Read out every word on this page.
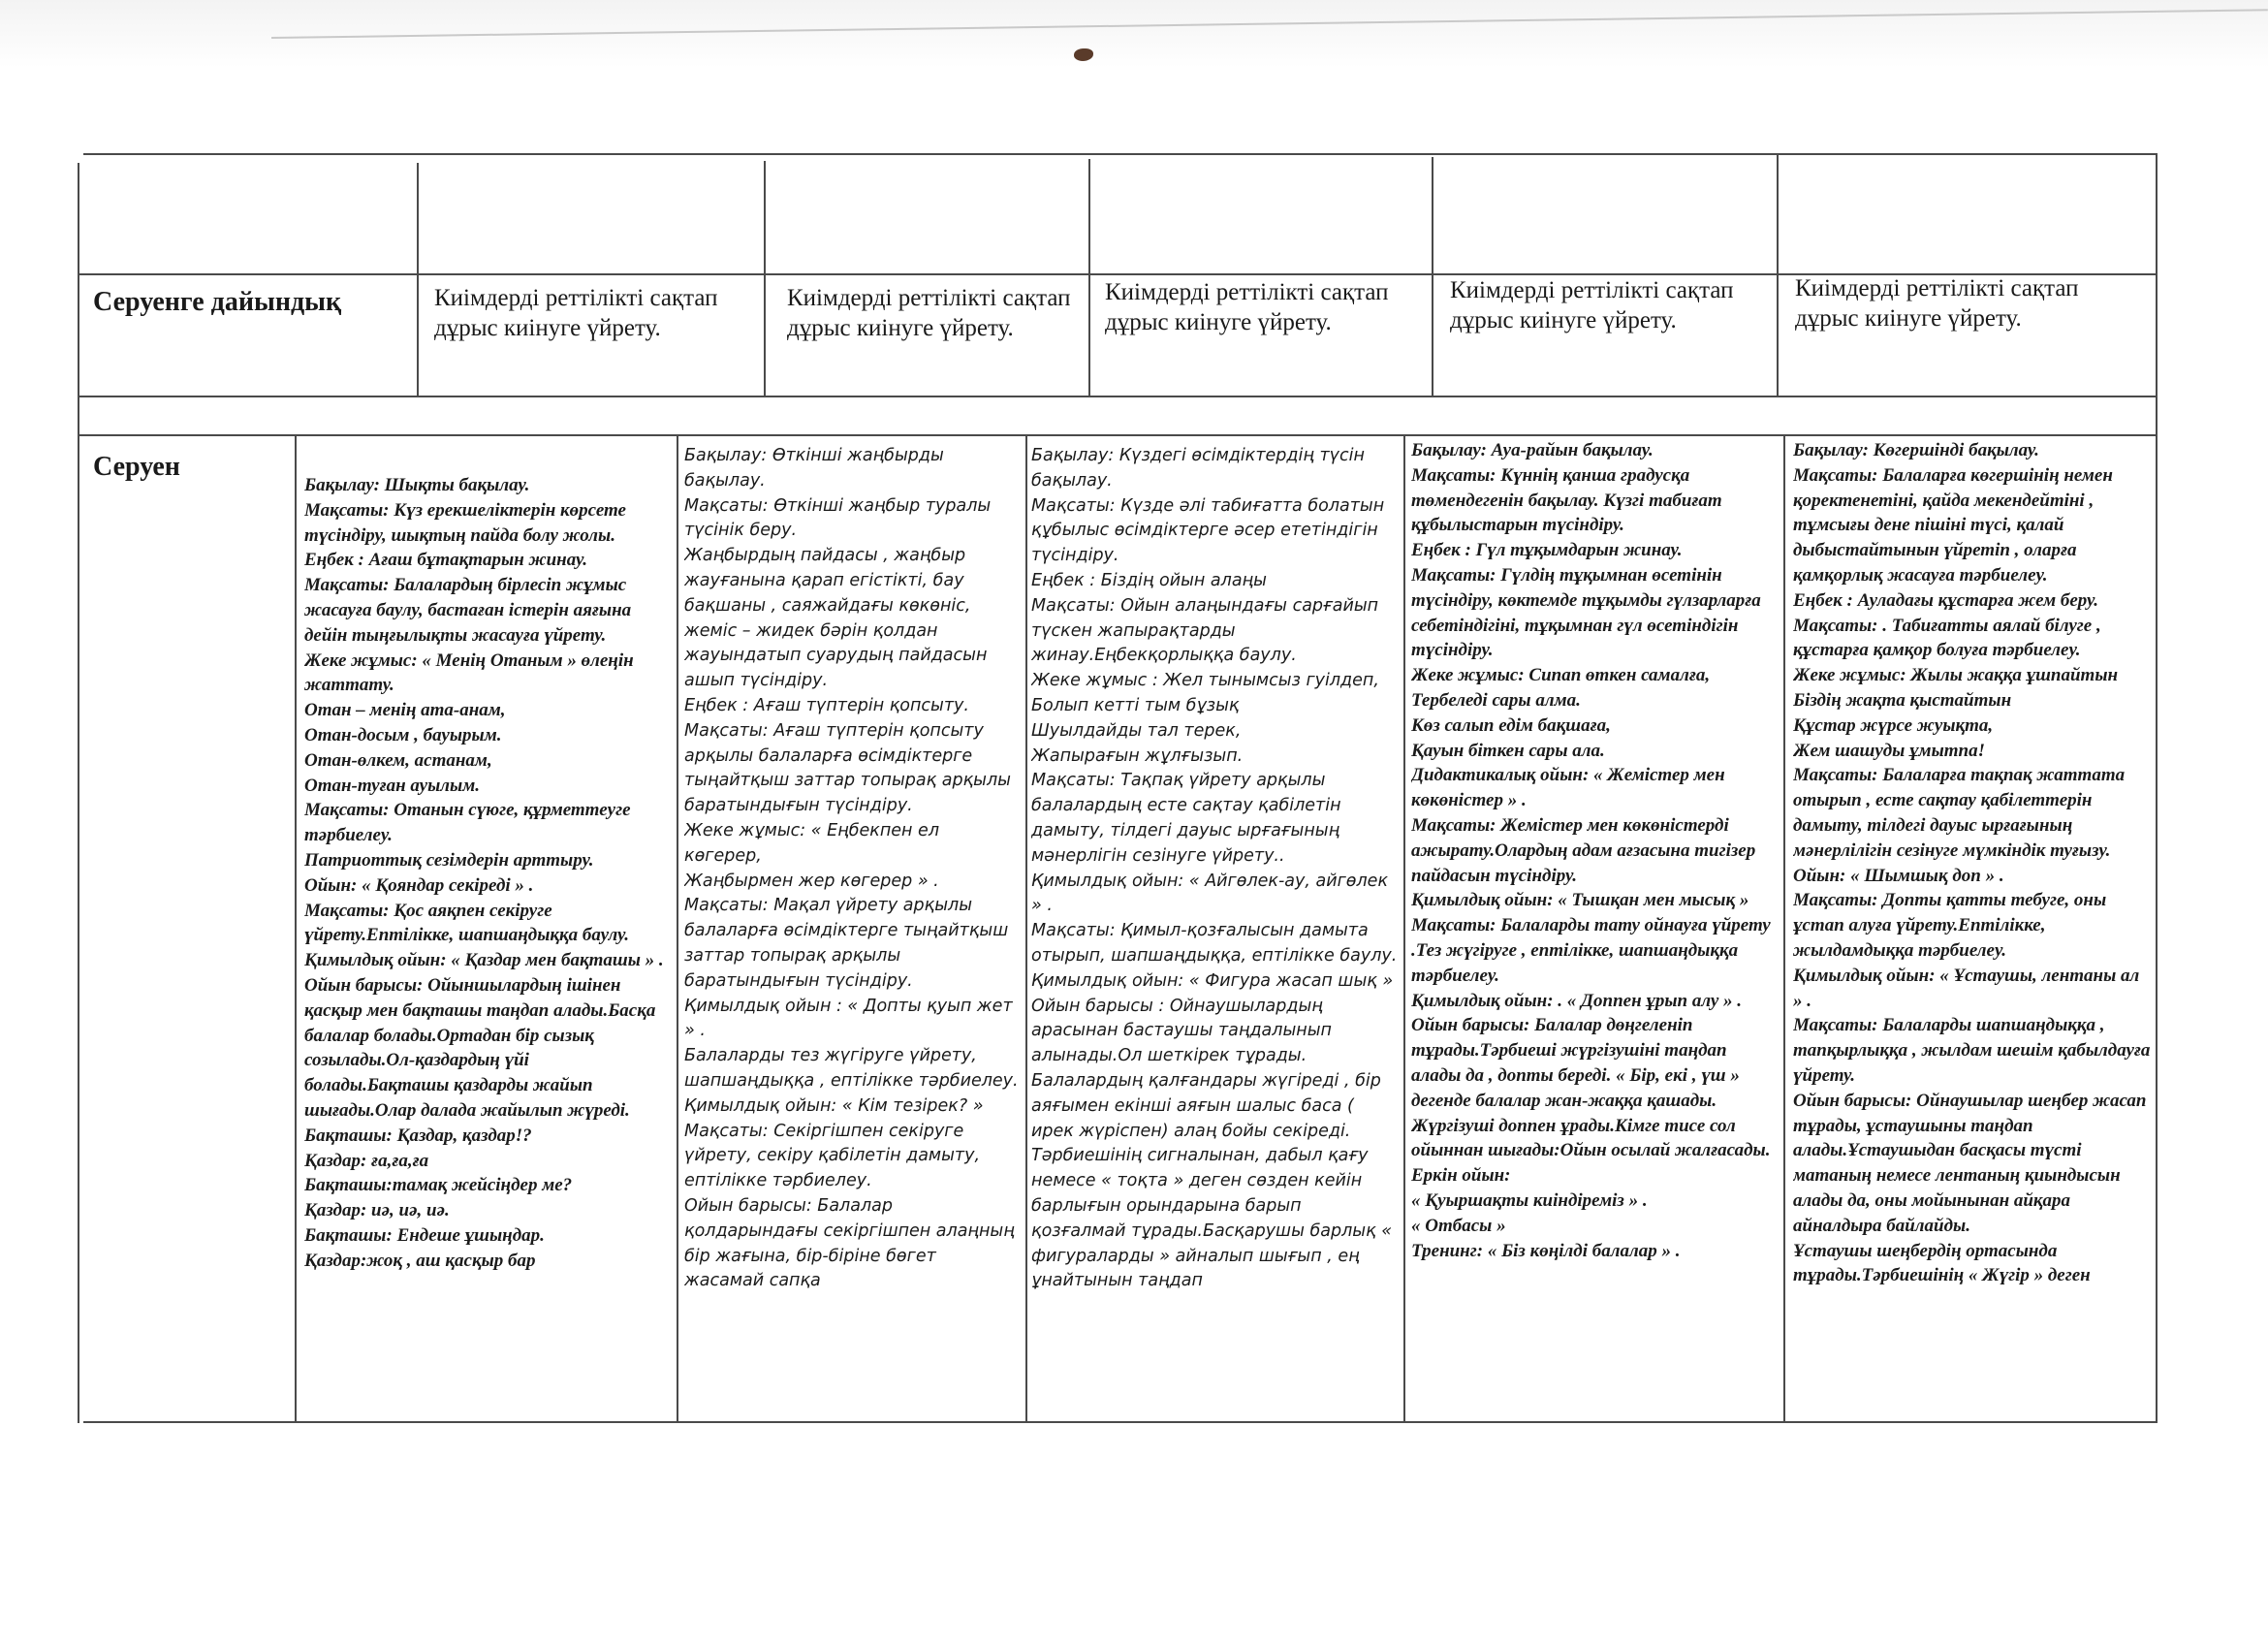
Серуенге дайындық	Киімдерді реттілікті сақтап дұрыс киінуге үйрету.
Киімдерді реттілікті сақтап дұрыс киінуге үйрету.
Киімдерді реттілікті сақтап дұрыс киінуге үйрету.
Киімдерді реттілікті сақтап дұрыс киінуге үйрету.
Киімдерді реттілікті сақтап дұрыс киінуге үйрету.
Серуен
Бақылау: Шықты бақылау.
Мақсаты: Күз ерекшеліктерін көрсете түсіндіру, шықтың пайда болу жолы.
Еңбек : Ағаш бұтақтарын жинау.
Мақсаты: Балалардың бірлесіп жұмыс жасауға баулу, бастаған істерін аяғына дейін тыңғылықты жасауға үйрету.
Жеке жұмыс: « Менің Отаным » өлеңін жаттату.
Отан – менің ата-анам,
Отан-досым , бауырым.
Отан-өлкем, астанам,
Отан-туған ауылым.
Мақсаты: Отанын сүюге, құрметтеуге тәрбиелеу.
Патриоттық сезімдерін арттыру.
Ойын: « Қояндар секіреді » .
Мақсаты: Қос аяқпен секіруге үйрету.Ептілікке, шапшаңдыққа баулу.
Қимылдық ойын: « Қаздар мен бақташы » .
Ойын барысы: Ойыншылардың ішінен қасқыр мен бақташы таңдап алады.Басқа балалар болады.Ортадан бір сызық созылады.Ол-қаздардың үйі болады.Бақташы қаздарды жайып шығады.Олар далада жайылып жүреді.
Бақташы: Қаздар, қаздар!?
Қаздар: ға,ға,ға
Бақташы:тамақ жейсіңдер ме?
Қаздар: иә, иә, иә.
Бақташы: Ендеше ұшыңдар.
Қаздар:жоқ , аш қасқыр бар
Бақылау: Өткінші жаңбырды бақылау.
Мақсаты: Өткінші жаңбыр туралы түсінік беру.
Жаңбырдың пайдасы , жаңбыр жауғанына қарап егістікті, бау бақшаны , саяжайдағы көкөніс, жеміс – жидек бәрін қолдан жауындатып суарудың пайдасын ашып түсіндіру.
Еңбек : Ағаш түптерін қопсыту.
Мақсаты: Ағаш түптерін қопсыту арқылы балаларға өсімдіктерге тыңайтқыш заттар топырақ арқылы баратындығын түсіндіру.
Жеке жұмыс: « Еңбекпен ел көгерер,
Жаңбырмен жер көгерер » .
Мақсаты: Мақал үйрету арқылы балаларға өсімдіктерге тыңайтқыш заттар топырақ арқылы баратындығын түсіндіру.
Қимылдық ойын : « Допты қуып жет » .
Балаларды тез жүгіруге үйрету, шапшаңдыққа , ептілікке тәрбиелеу.
Қимылдық ойын: « Кім тезірек? »
Мақсаты: Секіргішпен секіруге үйрету, секіру қабілетін дамыту, ептілікке тәрбиелеу.
Ойын барысы: Балалар қолдарындағы секіргішпен алаңның бір жағына, бір-біріне бөгет жасамай сапқа
Бақылау: Күздегі өсімдіктердің түсін бақылау.
Мақсаты: Күзде әлі табиғатта болатын құбылыс өсімдіктерге әсер ететіндігін түсіндіру.
Еңбек : Біздің ойын алаңы
Мақсаты: Ойын алаңындағы сарғайып түскен жапырақтарды жинау.Еңбекқорлыққа баулу.
Жеке жұмыс : Жел тынымсыз гуілдеп,
Болып кетті тым бұзық
Шуылдайды тал терек,
Жапырағын жұлғызып.
Мақсаты: Тақпақ үйрету арқылы балалардың есте сақтау қабілетін дамыту, тілдегі дауыс ырғағының мәнерлігін сезінуге үйрету..
Қимылдық ойын: « Айгөлек-ау, айгөлек » .
Мақсаты: Қимыл-қозғалысын дамыта отырып, шапшаңдыққа, ептілікке баулу.
Қимылдық ойын: « Фигура жасап шық »
Ойын барысы : Ойнаушылардың арасынан бастаушы таңдалынып алынады.Ол шеткірек тұрады. Балалардың қалғандары жүгіреді , бір аяғымен екінші аяғын шалыс баса ( ирек жүріспен) алаң бойы секіреді. Тәрбиешінің сигналынан, дабыл қағу немесе « тоқта » деген сөзден кейін барлығын орындарына барып қозғалмай тұрады.Басқарушы барлық « фигураларды » айналып шығып , ең ұнайтынын таңдап
Бақылау: Ауа-райын бақылау.
Мақсаты: Күннің қанша градусқа төмендегенін бақылау. Күзгі табиғат құбылыстарын түсіндіру.
Еңбек : Гүл тұқымдарын жинау.
Мақсаты: Гүлдің тұқымнан өсетінін түсіндіру, көктемде тұқымды гүлзарларға себетіндігіні, тұқымнан гүл өсетіндігін түсіндіру.
Жеке жұмыс: Сипап өткен самалға, Тербеледі сары алма.
Көз салып едім бақшаға,
Қауын біткен сары ала.
Дидактикалық ойын: « Жемістер мен көкөністер » .
Мақсаты: Жемістер мен көкөністерді ажырату.Олардың адам ағзасына тигізер пайдасын түсіндіру.
Қимылдық ойын: « Тышқан мен мысық »
Мақсаты: Балаларды тату ойнауға үйрету .Тез жүгіруге , ептілікке, шапшаңдыққа тәрбиелеу.
Қимылдық ойын: . « Доппен ұрып алу » .
Ойын барысы: Балалар дөңгеленіп тұрады.Тәрбиеші жүргізушіні таңдап алады да , допты береді. « Бір, екі , үш » дегенде балалар жан-жаққа қашады.
Жүргізуші доппен ұрады.Кімге тисе сол ойыннан шығады:Ойын осылай жалғасады.
Еркін ойын:
« Қуыршақты киіндіреміз » .
« Отбасы »
Тренинг: « Біз көңілді балалар » .
Бақылау: Көгершінді бақылау.
Мақсаты: Балаларға көгершінің немен қоректенетіні, қайда мекендейтіні , тұмсығы дене пішіні түсі, қалай дыбыстайтынын үйретіп , оларға қамқорлық жасауға тәрбиелеу.
Еңбек : Ауладағы құстарға жем беру.
Мақсаты: . Табиғатты аялай білуге , құстарға қамқор болуға тәрбиелеу.
Жеке жұмыс: Жылы жаққа ұшпайтын
Біздің жақта қыстайтын
Құстар жүрсе жуықта,
Жем шашуды ұмытпа!
Мақсаты: Балаларға тақпақ жаттата отырып , есте сақтау қабілеттерін дамыту, тілдегі дауыс ырғағының мәнерлілігін сезінуге мүмкіндік туғызу.
Ойын: « Шымшық доп » .
Мақсаты: Допты қатты тебуге, оны ұстап алуға үйрету.Ептілікке, жылдамдыққа тәрбиелеу.
Қимылдық ойын: « Ұстаушы, лентаны ал » .
Мақсаты: Балаларды шапшаңдыққа , тапқырлыққа , жылдам шешім қабылдауға үйрету.
Ойын барысы: Ойнаушылар шеңбер жасап тұрады, ұстаушыны таңдап алады.Ұстаушыдан басқасы түсті матаның немесе лентаның қиындысын алады да, оны мойынынан айқара айналдыра байлайды.
Ұстаушы шеңбердің ортасында тұрады.Тәрбиешінің « Жүгір » деген
